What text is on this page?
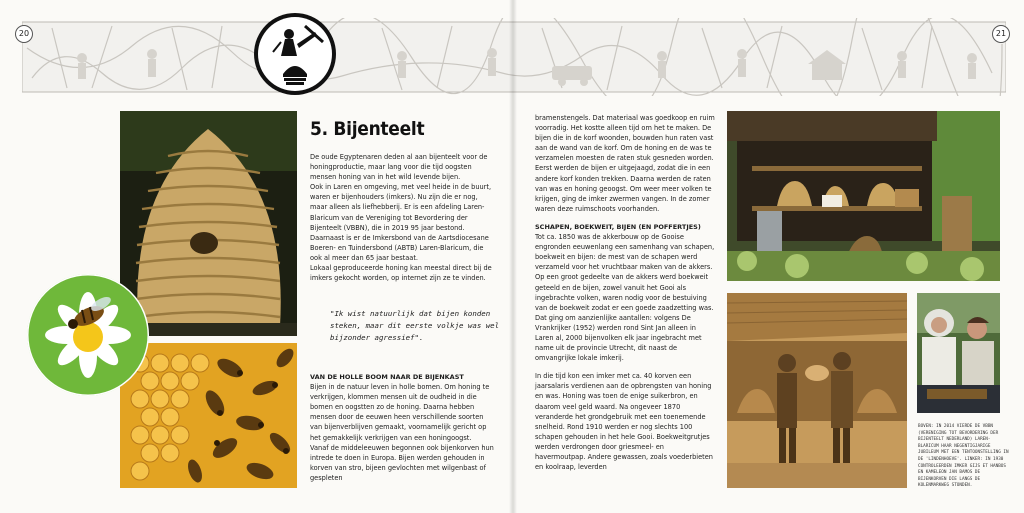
20	21
5. Bijenteelt

De oude Egyptenaren deden al aan bijenteelt voor de honingproductie, maar lang voor die tijd oogsten mensen honing van in het wild levende bijen.

Ook in Laren en omgeving, met veel heide in de buurt, waren er bijenhouders (imkers). Nu zijn die er nog, maar alleen als liefhebberij. Er is een afdeling Laren-Blaricum van de Vereniging tot Bevordering der Bijenteelt (VBBN), die in 2019 95 jaar bestond. Daarnaast is er de Imkersbond van de Aartsdiocesane Boeren- en Tuindersbond (ABTB) Laren-Blaricum, die ook al meer dan 65 jaar bestaat.

Lokaal geproduceerde honing kan meestal direct bij de imkers gekocht worden, op internet zijn ze te vinden.

"Ik wist natuurlijk dat bijen konden steken, maar dit eerste volkje was wel bijzonder agressief".

VAN DE HOLLE BOOM NAAR DE BIJENKAST

Bijen in de natuur leven in holle bomen. Om honing te verkrijgen, klommen mensen uit de oudheid in die bomen en oogstten zo de honing. Daarna hebben mensen door de eeuwen heen verschillende soorten van bijenverblijven gemaakt, voornamelijk gericht op het gemakkelijk verkrijgen van een honingoogst.

Vanaf de middeleeuwen begonnen ook bijenkorven hun intrede te doen in Europa. Bijen werden gehouden in korven van stro, bijeen gevlochten met wilgenbast of gespleten

bramenstengels. Dat materiaal was goedkoop en ruim voorradig. Het kostte alleen tijd om het te maken. De bijen die in de korf woonden, bouwden hun raten vast aan de wand van de korf. Om de honing en de was te verzamelen moesten de raten stuk gesneden worden. Eerst werden de bijen er uitgejaagd, zodat die in een andere korf konden trekken. Daarna werden de raten van was en honing geoogst. Om weer meer volken te krijgen, ging de imker zwermen vangen. In de zomer waren deze ruimschoots voorhanden.

SCHAPEN, BOEKWEIT, BIJEN (EN POFFERTJES)

Tot ca. 1850 was de akkerbouw op de Gooise engronden eeuwenlang een samenhang van schapen, boekweit en bijen: de mest van de schapen werd verzameld voor het vruchtbaar maken van de akkers. Op een groot gedeelte van de akkers werd boekweit geteeld en de bijen, zowel vanuit het Gooi als ingebrachte volken, waren nodig voor de bestuiving van de boekweit zodat er een goede zaadzetting was. Dat ging om aanzienlijke aantallen: volgens De Vrankrijker (1952) werden rond Sint Jan alleen in Laren al, 2000 bijenvolken elk jaar ingebracht met name uit de provincie Utrecht, dit naast de omvangrijke lokale imkerij.

In die tijd kon een imker met ca. 40 korven een jaarsalaris verdienen aan de opbrengsten van honing en was. Honing was toen de enige suikerbron, en daarom veel geld waard. Na ongeveer 1870 veranderde het grondgebruik met een toenemende snelheid. Rond 1910 werden er nog slechts 100 schapen gehouden in het hele Gooi. Boekweitgrutjes werden verdrongen door griesmeel- en havermoutpap. Andere gewassen, zoals voederbieten en koolraap, leverden

BOVEN: IN 2014 VIERDE DE VBBN (VERENIGING TOT BEVORDERING DER BIJENTEELT NEDERLAND) LAREN-BLARICUM HAAR NEGENTIGJARIGE JUBILEUM MET EEN TENTOONSTELLING IN DE 'LINDENHOEVE'. LINKER: IN 1930 CONTROLEERDEN IMKER GIJS ET HANBOS EN KAMELEON JAN BAMOS DE BIJENKORVEN DIE LANGS DE KOLENMARKWEG STONDEN.
